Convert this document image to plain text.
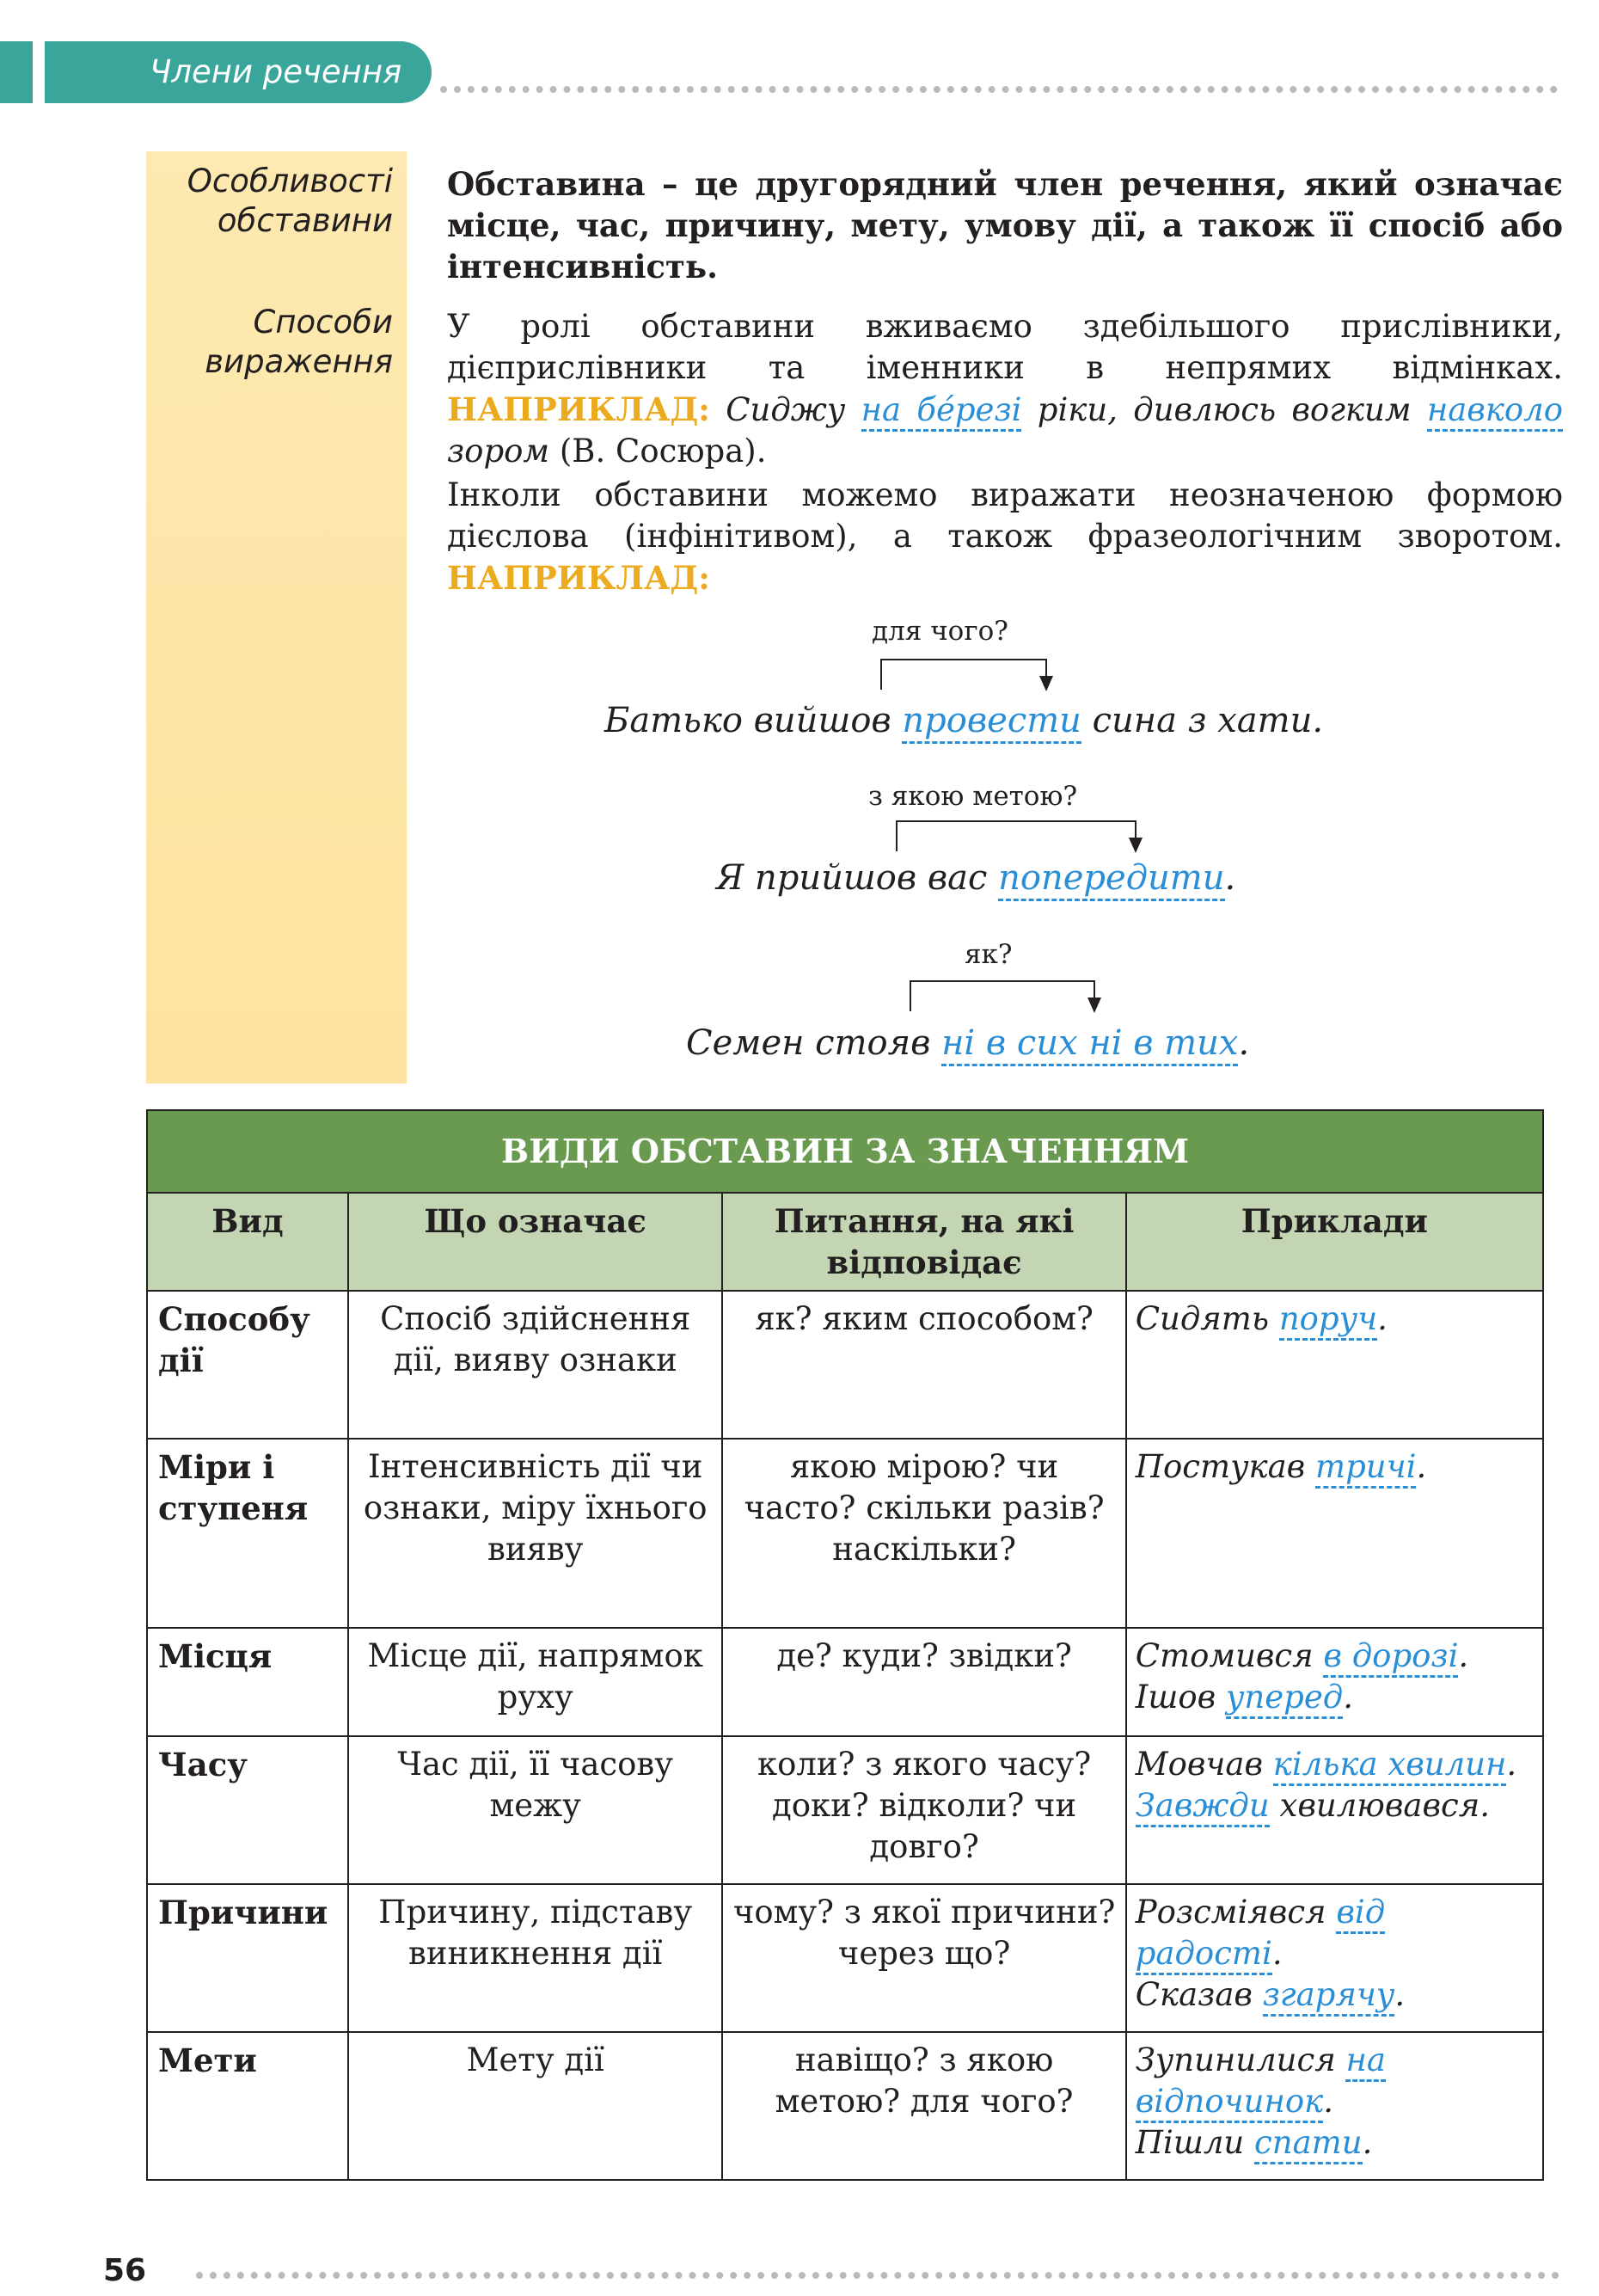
Члени речення
Особливості
обставини
Способи
вираження
Обставина – це другорядний член речення, який означає місце, час, причину, мету, умову дії, а також її спосіб або інтенсивність.
У ролі обставини вживаємо здебільшого прислівники, дієприслівники та іменники в непрямих відмінках. НАПРИКЛАД: Сиджу на бéрезі ріки, дивлюсь вогким навколо зором (В. Сосюра).
Інколи обставини можемо виражати неозначеною формою дієслова (інфінітивом), а також фразеологічним зворотом. НАПРИКЛАД:
для чого?
Батько вийшов провести сина з хати.
з якою метою?
Я прийшов вас попередити.
як?
Семен стояв ні в сих ні в тих.
ВИДИ ОБСТАВИН ЗА ЗНАЧЕННЯМ			
Вид	Що означає	Питання, на які відповідає	Приклади
Способу дії	Спосіб здійснення дії, вияву ознаки	як? яким способом?	Сидять поруч.

Міри і ступеня	Інтенсивність дії чи ознаки, міру їхнього вияву	якою мірою? чи часто? скільки разів? наскільки?	Постукав тричі.

Місця	Місце дії, напрямок руху	де? куди? звідки?	Стомився в дорозі.
Ішов уперед.

Часу	Час дії, її часову межу	коли? з якого часу? доки? відколи? чи довго?	Мовчав кілька хвилин.
Завжди хвилювався.

Причини	Причину, підставу виникнення дії	чому? з якої причини? через що?	Розсміявся від радості.
Сказав згарячу.

Мети	Мету дії	навіщо? з якою метою? для чого?	Зупинилися на відпочинок.
Пішли спати.
56
